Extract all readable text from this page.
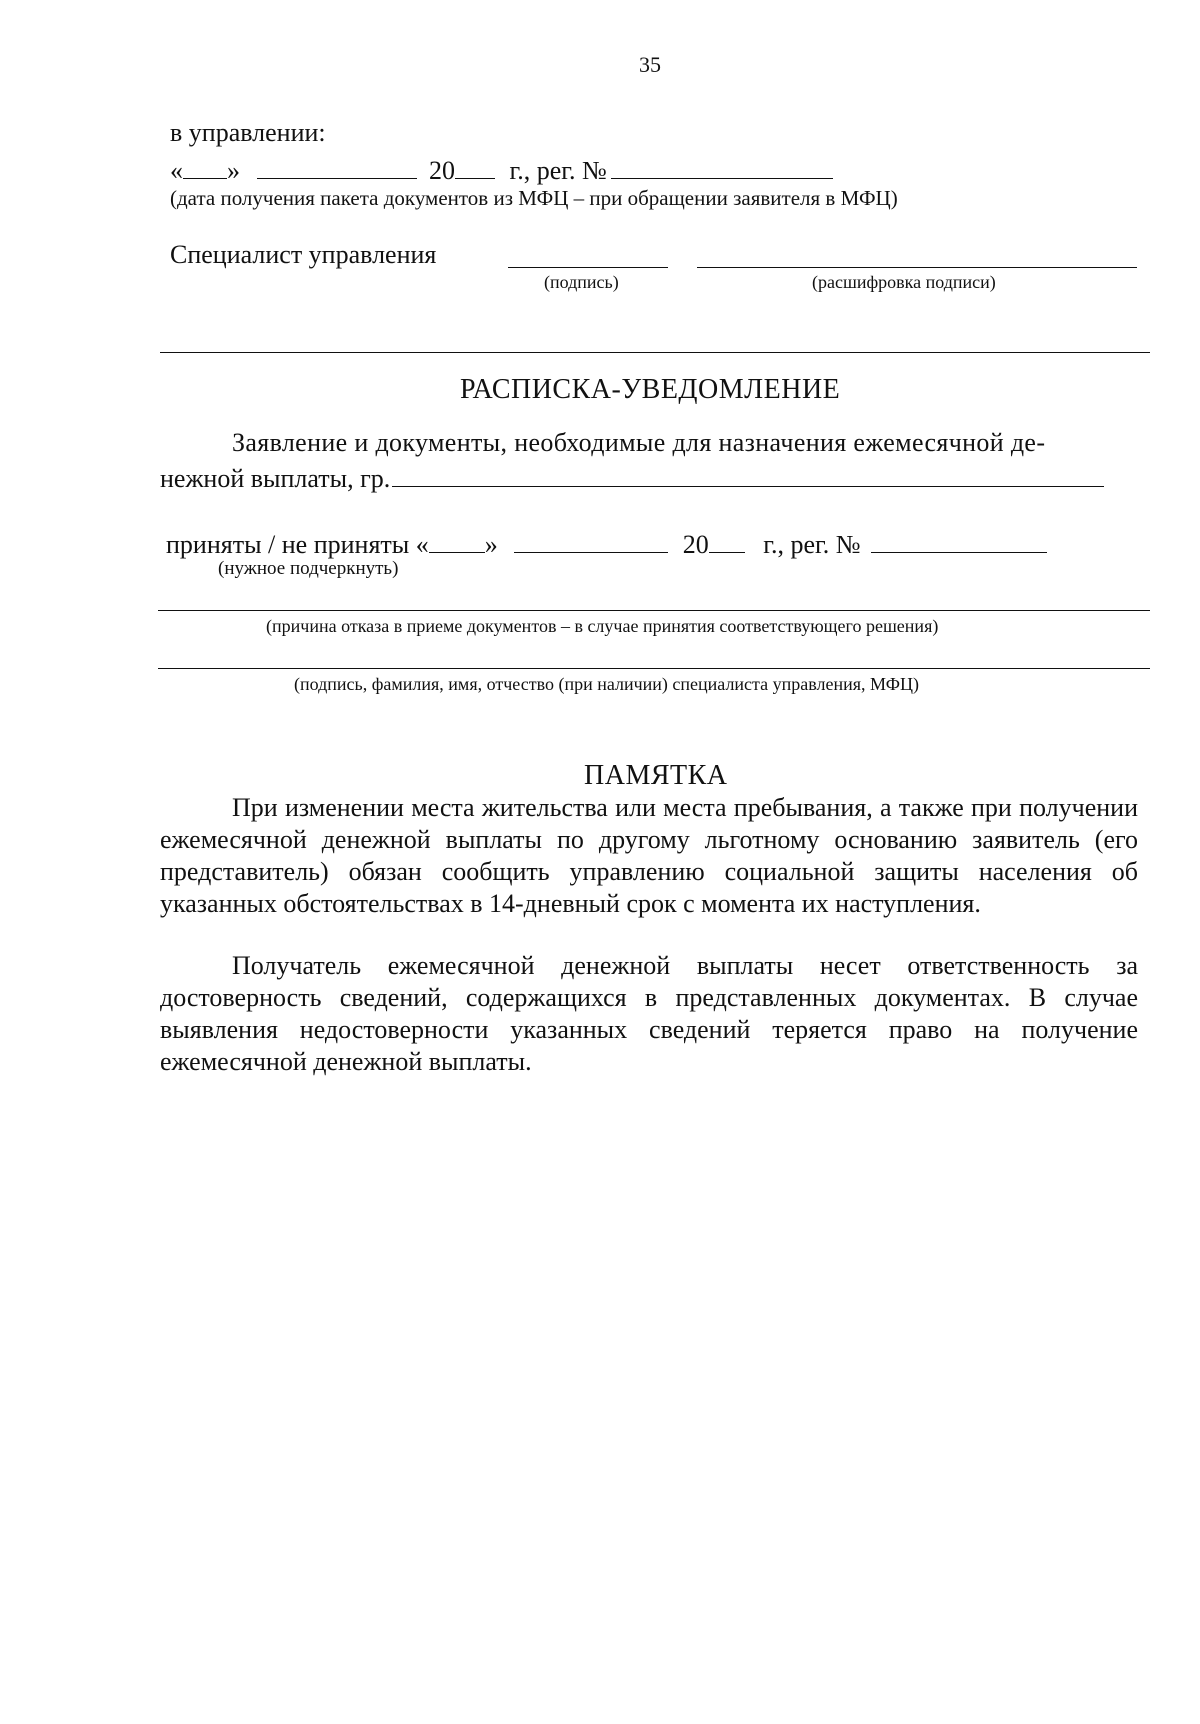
35
в управлении:
« »	20 г., рег. №
(дата получения пакета документов из МФЦ – при обращении заявителя в МФЦ)
Специалист управления
(подпись)	(расшифровка подписи)
РАСПИСКА-УВЕДОМЛЕНИЕ
Заявление и документы, необходимые для назначения ежемесячной де-
нежной выплаты, гр.
приняты / не приняты « »	20 г., рег. №
(нужное подчеркнуть)
(причина отказа в приеме документов – в случае принятия соответствующего решения)
(подпись, фамилия, имя, отчество (при наличии) специалиста управления, МФЦ)
ПАМЯТКА

При изменении места жительства или места пребывания, а также при получении ежемесячной денежной выплаты по другому льготному основанию заявитель (его представитель) обязан сообщить управлению социальной защиты населения об указанных обстоятельствах в 14-дневный срок с момента их наступления.

Получатель ежемесячной денежной выплаты несет ответственность за достоверность сведений, содержащихся в представленных документах. В случае выявления недостоверности указанных сведений теряется право на получение ежемесячной денежной выплаты.
